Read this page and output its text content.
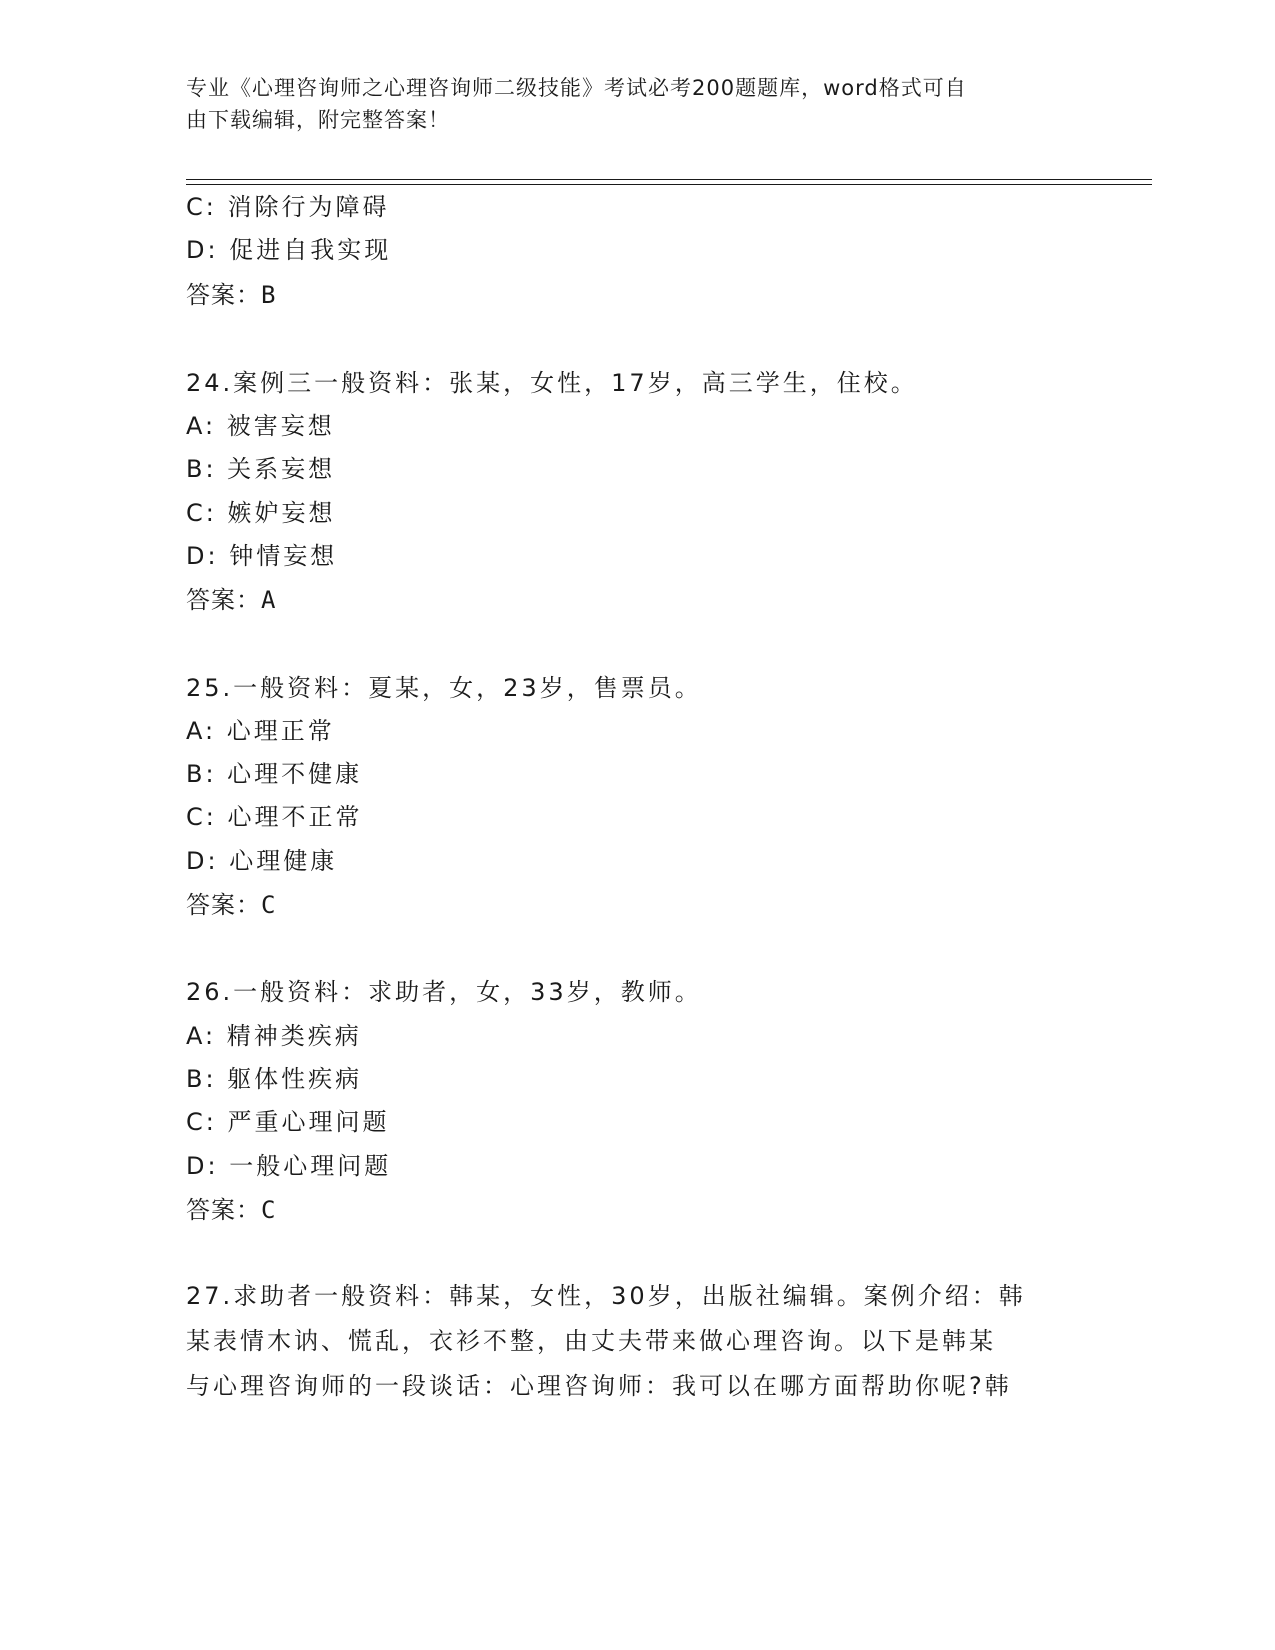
专业《心理咨询师之心理咨询师二级技能》考试必考200题题库，word格式可自
由下载编辑，附完整答案！
C: 消除行为障碍
D: 促进自我实现
答案：B
24.案例三一般资料：张某，女性，17岁，高三学生，住校。
A: 被害妄想
B: 关系妄想
C: 嫉妒妄想
D: 钟情妄想
答案：A
25.一般资料：夏某，女，23岁，售票员。
A: 心理正常
B: 心理不健康
C: 心理不正常
D: 心理健康
答案：C
26.一般资料：求助者，女，33岁，教师。
A: 精神类疾病
B: 躯体性疾病
C: 严重心理问题
D: 一般心理问题
答案：C
27.求助者一般资料：韩某，女性，30岁，出版社编辑。案例介绍：韩
某表情木讷、慌乱，衣衫不整，由丈夫带来做心理咨询。以下是韩某
与心理咨询师的一段谈话：心理咨询师：我可以在哪方面帮助你呢?韩
